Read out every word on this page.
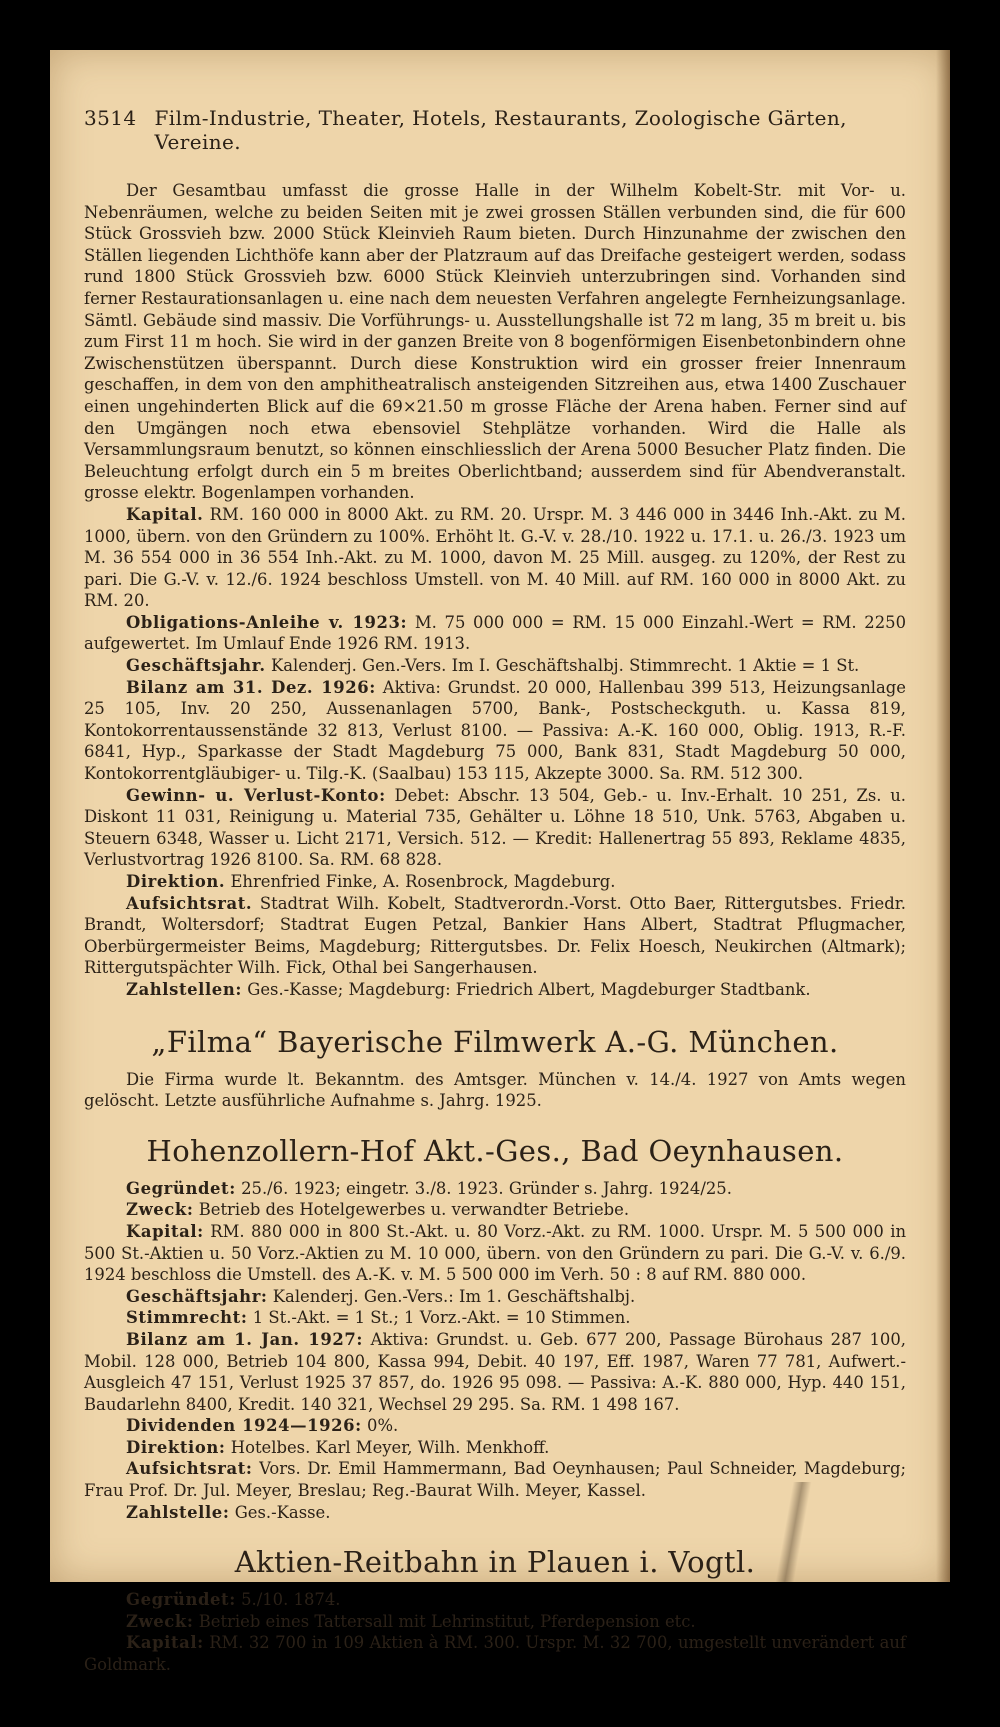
3514 Film-Industrie, Theater, Hotels, Restaurants, Zoologische Gärten, Vereine.

Der Gesamtbau umfasst die grosse Halle in der Wilhelm Kobelt-Str. mit Vor- u. Nebenräumen, welche zu beiden Seiten mit je zwei grossen Ställen verbunden sind, die für 600 Stück Grossvieh bzw. 2000 Stück Kleinvieh Raum bieten. Durch Hinzunahme der zwischen den Ställen liegenden Lichthöfe kann aber der Platzraum auf das Dreifache gesteigert werden, sodass rund 1800 Stück Grossvieh bzw. 6000 Stück Kleinvieh unterzubringen sind. Vorhanden sind ferner Restaurationsanlagen u. eine nach dem neuesten Verfahren angelegte Fernheizungsanlage. Sämtl. Gebäude sind massiv. Die Vorführungs- u. Ausstellungshalle ist 72 m lang, 35 m breit u. bis zum First 11 m hoch. Sie wird in der ganzen Breite von 8 bogenförmigen Eisenbetonbindern ohne Zwischenstützen überspannt. Durch diese Konstruktion wird ein grosser freier Innenraum geschaffen, in dem von den amphitheatralisch ansteigenden Sitzreihen aus, etwa 1400 Zuschauer einen ungehinderten Blick auf die 69×21.50 m grosse Fläche der Arena haben. Ferner sind auf den Umgängen noch etwa ebensoviel Stehplätze vorhanden. Wird die Halle als Versammlungsraum benutzt, so können einschliesslich der Arena 5000 Besucher Platz finden. Die Beleuchtung erfolgt durch ein 5 m breites Oberlichtband; ausserdem sind für Abendveranstalt. grosse elektr. Bogenlampen vorhanden.

Kapital. RM. 160 000 in 8000 Akt. zu RM. 20. Urspr. M. 3 446 000 in 3446 Inh.-Akt. zu M. 1000, übern. von den Gründern zu 100%. Erhöht lt. G.-V. v. 28./10. 1922 u. 17.1. u. 26./3. 1923 um M. 36 554 000 in 36 554 Inh.-Akt. zu M. 1000, davon M. 25 Mill. ausgeg. zu 120%, der Rest zu pari. Die G.-V. v. 12./6. 1924 beschloss Umstell. von M. 40 Mill. auf RM. 160 000 in 8000 Akt. zu RM. 20.

Obligations-Anleihe v. 1923: M. 75 000 000 = RM. 15 000 Einzahl.-Wert = RM. 2250 aufgewertet. Im Umlauf Ende 1926 RM. 1913.

Geschäftsjahr. Kalenderj. Gen.-Vers. Im I. Geschäftshalbj. Stimmrecht. 1 Aktie = 1 St.

Bilanz am 31. Dez. 1926: Aktiva: Grundst. 20 000, Hallenbau 399 513, Heizungsanlage 25 105, Inv. 20 250, Aussenanlagen 5700, Bank-, Postscheckguth. u. Kassa 819, Kontokorrentaussenstände 32 813, Verlust 8100. — Passiva: A.-K. 160 000, Oblig. 1913, R.-F. 6841, Hyp., Sparkasse der Stadt Magdeburg 75 000, Bank 831, Stadt Magdeburg 50 000, Kontokorrentgläubiger- u. Tilg.-K. (Saalbau) 153 115, Akzepte 3000. Sa. RM. 512 300.

Gewinn- u. Verlust-Konto: Debet: Abschr. 13 504, Geb.- u. Inv.-Erhalt. 10 251, Zs. u. Diskont 11 031, Reinigung u. Material 735, Gehälter u. Löhne 18 510, Unk. 5763, Abgaben u. Steuern 6348, Wasser u. Licht 2171, Versich. 512. — Kredit: Hallenertrag 55 893, Reklame 4835, Verlustvortrag 1926 8100. Sa. RM. 68 828.

Direktion. Ehrenfried Finke, A. Rosenbrock, Magdeburg.

Aufsichtsrat. Stadtrat Wilh. Kobelt, Stadtverordn.-Vorst. Otto Baer, Rittergutsbes. Friedr. Brandt, Woltersdorf; Stadtrat Eugen Petzal, Bankier Hans Albert, Stadtrat Pflugmacher, Oberbürgermeister Beims, Magdeburg; Rittergutsbes. Dr. Felix Hoesch, Neukirchen (Altmark); Rittergutspächter Wilh. Fick, Othal bei Sangerhausen.

Zahlstellen: Ges.-Kasse; Magdeburg: Friedrich Albert, Magdeburger Stadtbank.

„Filma“ Bayerische Filmwerk A.-G. München.

Die Firma wurde lt. Bekanntm. des Amtsger. München v. 14./4. 1927 von Amts wegen gelöscht. Letzte ausführliche Aufnahme s. Jahrg. 1925.

Hohenzollern-Hof Akt.-Ges., Bad Oeynhausen.

Gegründet: 25./6. 1923; eingetr. 3./8. 1923. Gründer s. Jahrg. 1924/25.

Zweck: Betrieb des Hotelgewerbes u. verwandter Betriebe.

Kapital: RM. 880 000 in 800 St.-Akt. u. 80 Vorz.-Akt. zu RM. 1000. Urspr. M. 5 500 000 in 500 St.-Aktien u. 50 Vorz.-Aktien zu M. 10 000, übern. von den Gründern zu pari. Die G.-V. v. 6./9. 1924 beschloss die Umstell. des A.-K. v. M. 5 500 000 im Verh. 50 : 8 auf RM. 880 000.

Geschäftsjahr: Kalenderj. Gen.-Vers.: Im 1. Geschäftshalbj.

Stimmrecht: 1 St.-Akt. = 1 St.; 1 Vorz.-Akt. = 10 Stimmen.

Bilanz am 1. Jan. 1927: Aktiva: Grundst. u. Geb. 677 200, Passage Bürohaus 287 100, Mobil. 128 000, Betrieb 104 800, Kassa 994, Debit. 40 197, Eff. 1987, Waren 77 781, Aufwert.-Ausgleich 47 151, Verlust 1925 37 857, do. 1926 95 098. — Passiva: A.-K. 880 000, Hyp. 440 151, Baudarlehn 8400, Kredit. 140 321, Wechsel 29 295. Sa. RM. 1 498 167.

Dividenden 1924—1926: 0%.

Direktion: Hotelbes. Karl Meyer, Wilh. Menkhoff.

Aufsichtsrat: Vors. Dr. Emil Hammermann, Bad Oeynhausen; Paul Schneider, Magdeburg; Frau Prof. Dr. Jul. Meyer, Breslau; Reg.-Baurat Wilh. Meyer, Kassel.

Zahlstelle: Ges.-Kasse.

Aktien-Reitbahn in Plauen i. Vogtl.

Gegründet: 5./10. 1874.

Zweck: Betrieb eines Tattersall mit Lehrinstitut, Pferdepension etc.

Kapital: RM. 32 700 in 109 Aktien à RM. 300. Urspr. M. 32 700, umgestellt unverändert auf Goldmark.
